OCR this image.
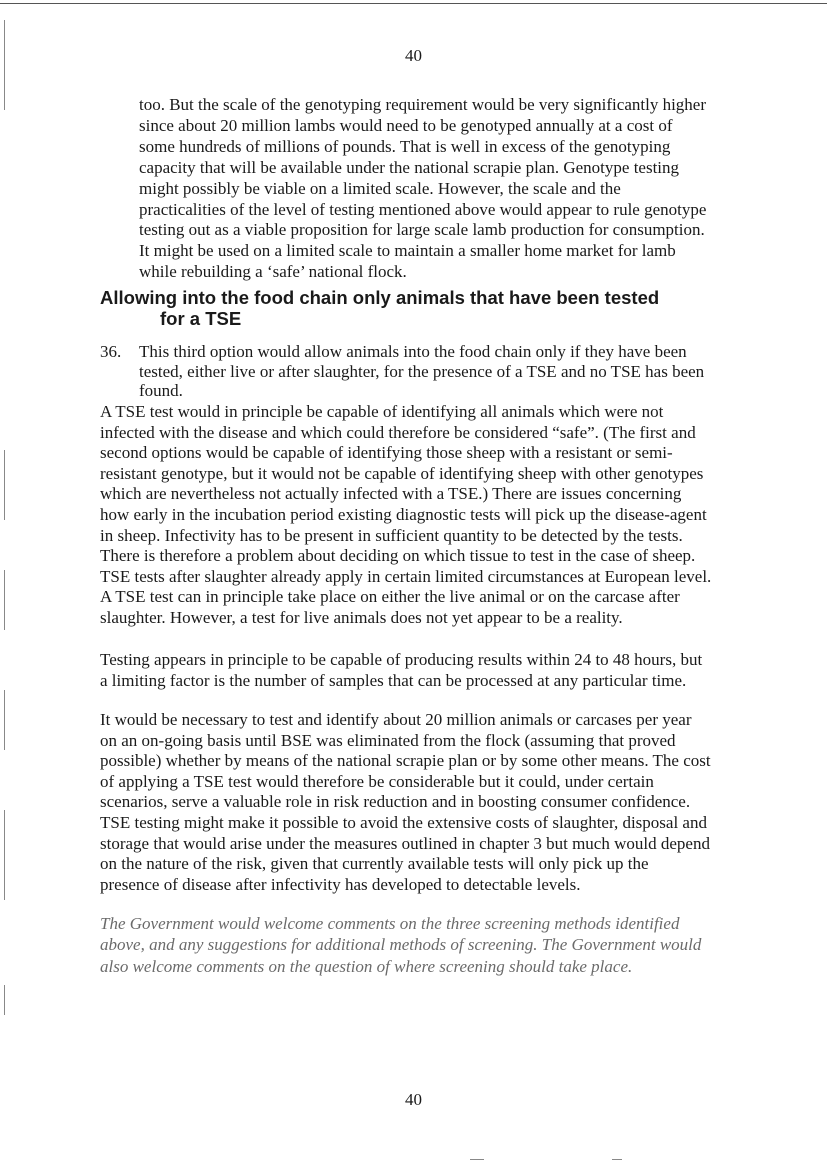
40

too. But the scale of the genotyping requirement would be very significantly higher since about 20 million lambs would need to be genotyped annually at a cost of some hundreds of millions of pounds. That is well in excess of the genotyping capacity that will be available under the national scrapie plan. Genotype testing might possibly be viable on a limited scale. However, the scale and the practicalities of the level of testing mentioned above would appear to rule genotype testing out as a viable proposition for large scale lamb production for consumption. It might be used on a limited scale to maintain a smaller home market for lamb while rebuilding a ‘safe’ national flock.

Allowing into the food chain only animals that have been tested
for a TSE
36.	This third option would allow animals into the food chain only if they have been tested, either live or after slaughter, for the presence of a TSE and no TSE has been found.

A TSE test would in principle be capable of identifying all animals which were not infected with the disease and which could therefore be considered “safe”. (The first and second options would be capable of identifying those sheep with a resistant or semi-resistant genotype, but it would not be capable of identifying sheep with other genotypes which are nevertheless not actually infected with a TSE.) There are issues concerning how early in the incubation period existing diagnostic tests will pick up the disease-agent in sheep. Infectivity has to be present in sufficient quantity to be detected by the tests. There is therefore a problem about deciding on which tissue to test in the case of sheep. TSE tests after slaughter already apply in certain limited circumstances at European level. A TSE test can in principle take place on either the live animal or on the carcase after slaughter. However, a test for live animals does not yet appear to be a reality.

Testing appears in principle to be capable of producing results within 24 to 48 hours, but a limiting factor is the number of samples that can be processed at any particular time.

It would be necessary to test and identify about 20 million animals or carcases per year on an on-going basis until BSE was eliminated from the flock (assuming that proved possible) whether by means of the national scrapie plan or by some other means. The cost of applying a TSE test would therefore be considerable but it could, under certain scenarios, serve a valuable role in risk reduction and in boosting consumer confidence. TSE testing might make it possible to avoid the extensive costs of slaughter, disposal and storage that would arise under the measures outlined in chapter 3 but much would depend on the nature of the risk, given that currently available tests will only pick up the presence of disease after infectivity has developed to detectable levels.

The Government would welcome comments on the three screening methods identified above, and any suggestions for additional methods of screening. The Government would also welcome comments on the question of where screening should take place.

40
